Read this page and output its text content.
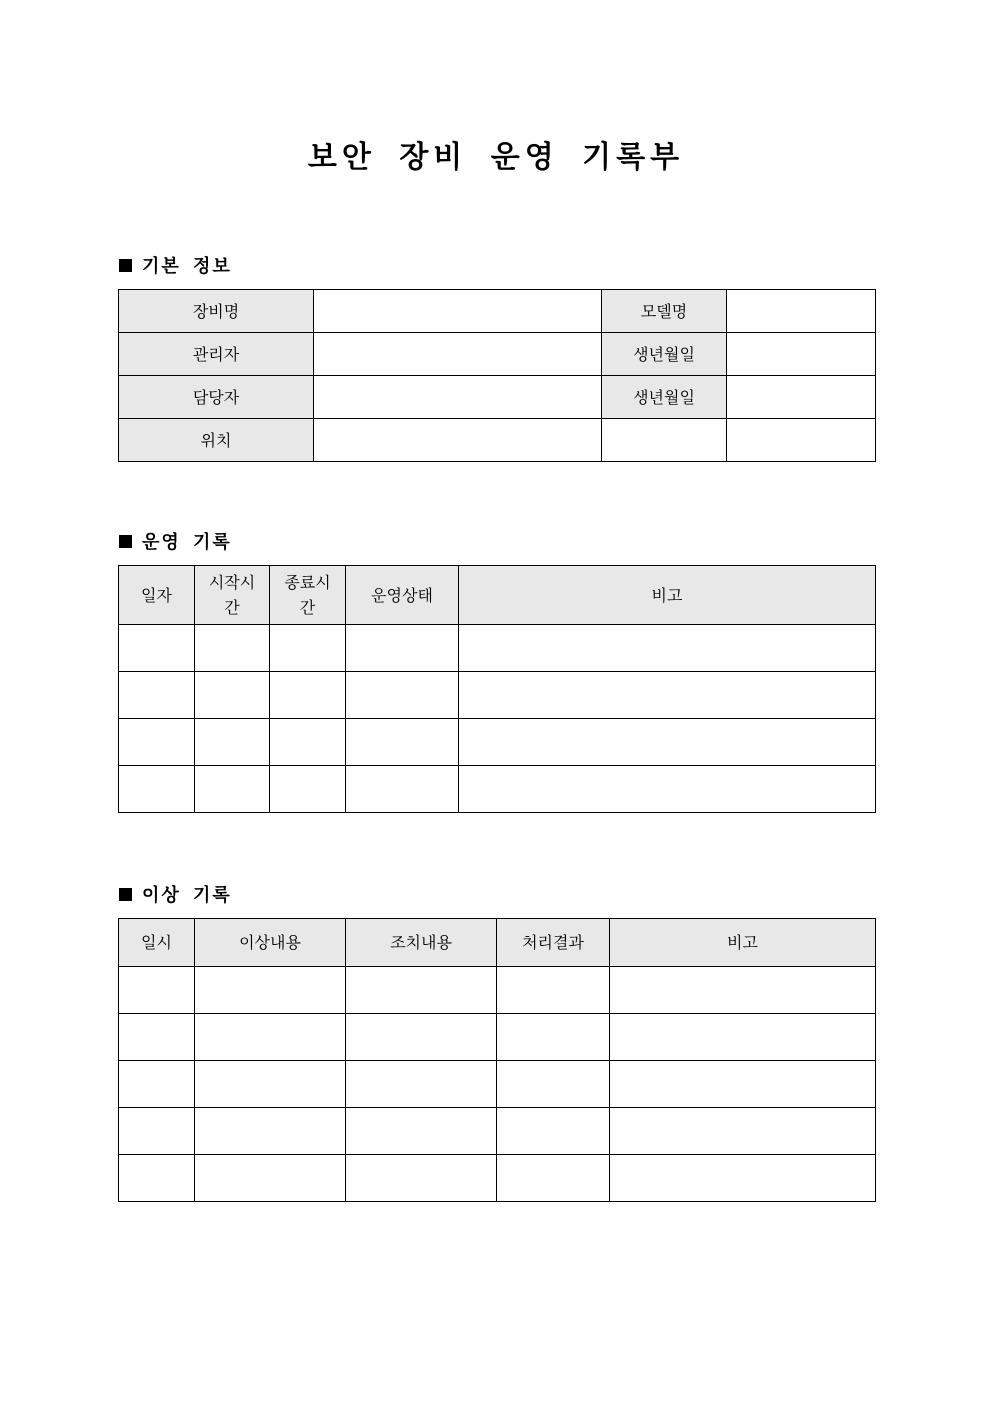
보안 장비 운영 기록부
기본 정보
장비명		모델명	
관리자		생년월일	
담당자		생년월일	
위치			
운영 기록
일자	시작시간	종료시간	운영상태	비고

이상 기록
일시	이상내용	조치내용	처리결과	비고
